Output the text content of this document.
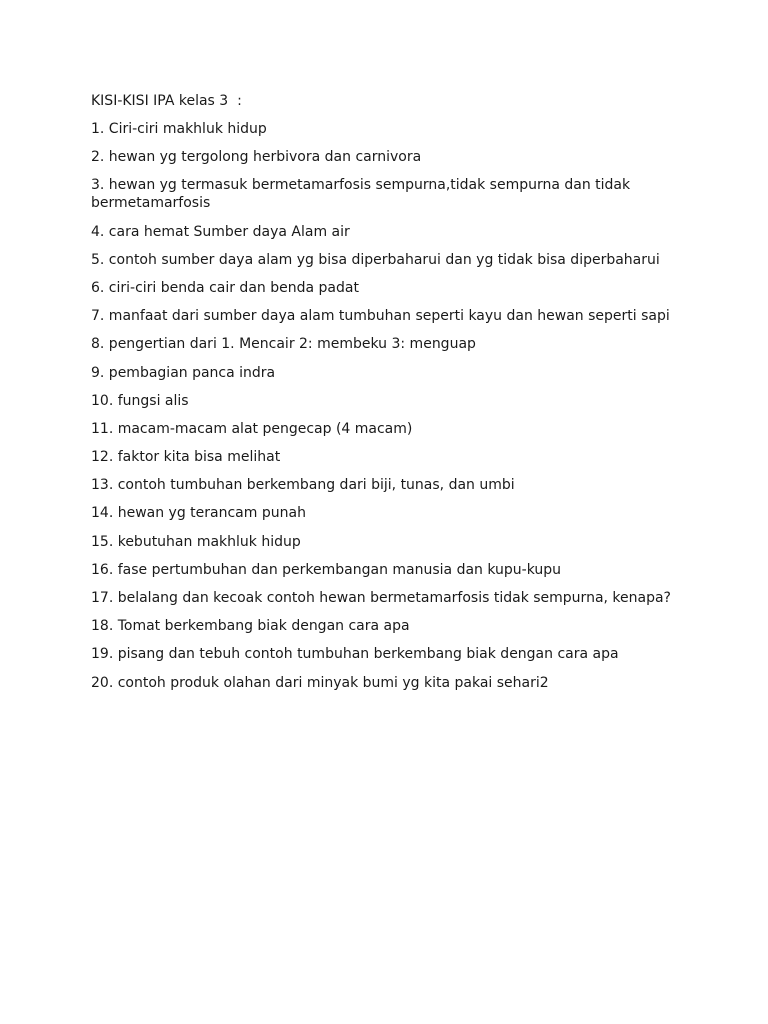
KISI-KISI IPA kelas 3  :
1. Ciri-ciri makhluk hidup
2. hewan yg tergolong herbivora dan carnivora
3. hewan yg termasuk bermetamarfosis sempurna,tidak sempurna dan tidak bermetamarfosis
4. cara hemat Sumber daya Alam air
5. contoh sumber daya alam yg bisa diperbaharui dan yg tidak bisa diperbaharui
6. ciri-ciri benda cair dan benda padat
7. manfaat dari sumber daya alam tumbuhan seperti kayu dan hewan seperti sapi
8. pengertian dari 1. Mencair 2: membeku 3: menguap
9. pembagian panca indra
10. fungsi alis
11. macam-macam alat pengecap (4 macam)
12. faktor kita bisa melihat
13. contoh tumbuhan berkembang dari biji, tunas, dan umbi
14. hewan yg terancam punah
15. kebutuhan makhluk hidup
16. fase pertumbuhan dan perkembangan manusia dan kupu-kupu
17. belalang dan kecoak contoh hewan bermetamarfosis tidak sempurna, kenapa?
18. Tomat berkembang biak dengan cara apa
19. pisang dan tebuh contoh tumbuhan berkembang biak dengan cara apa
20. contoh produk olahan dari minyak bumi yg kita pakai sehari2
